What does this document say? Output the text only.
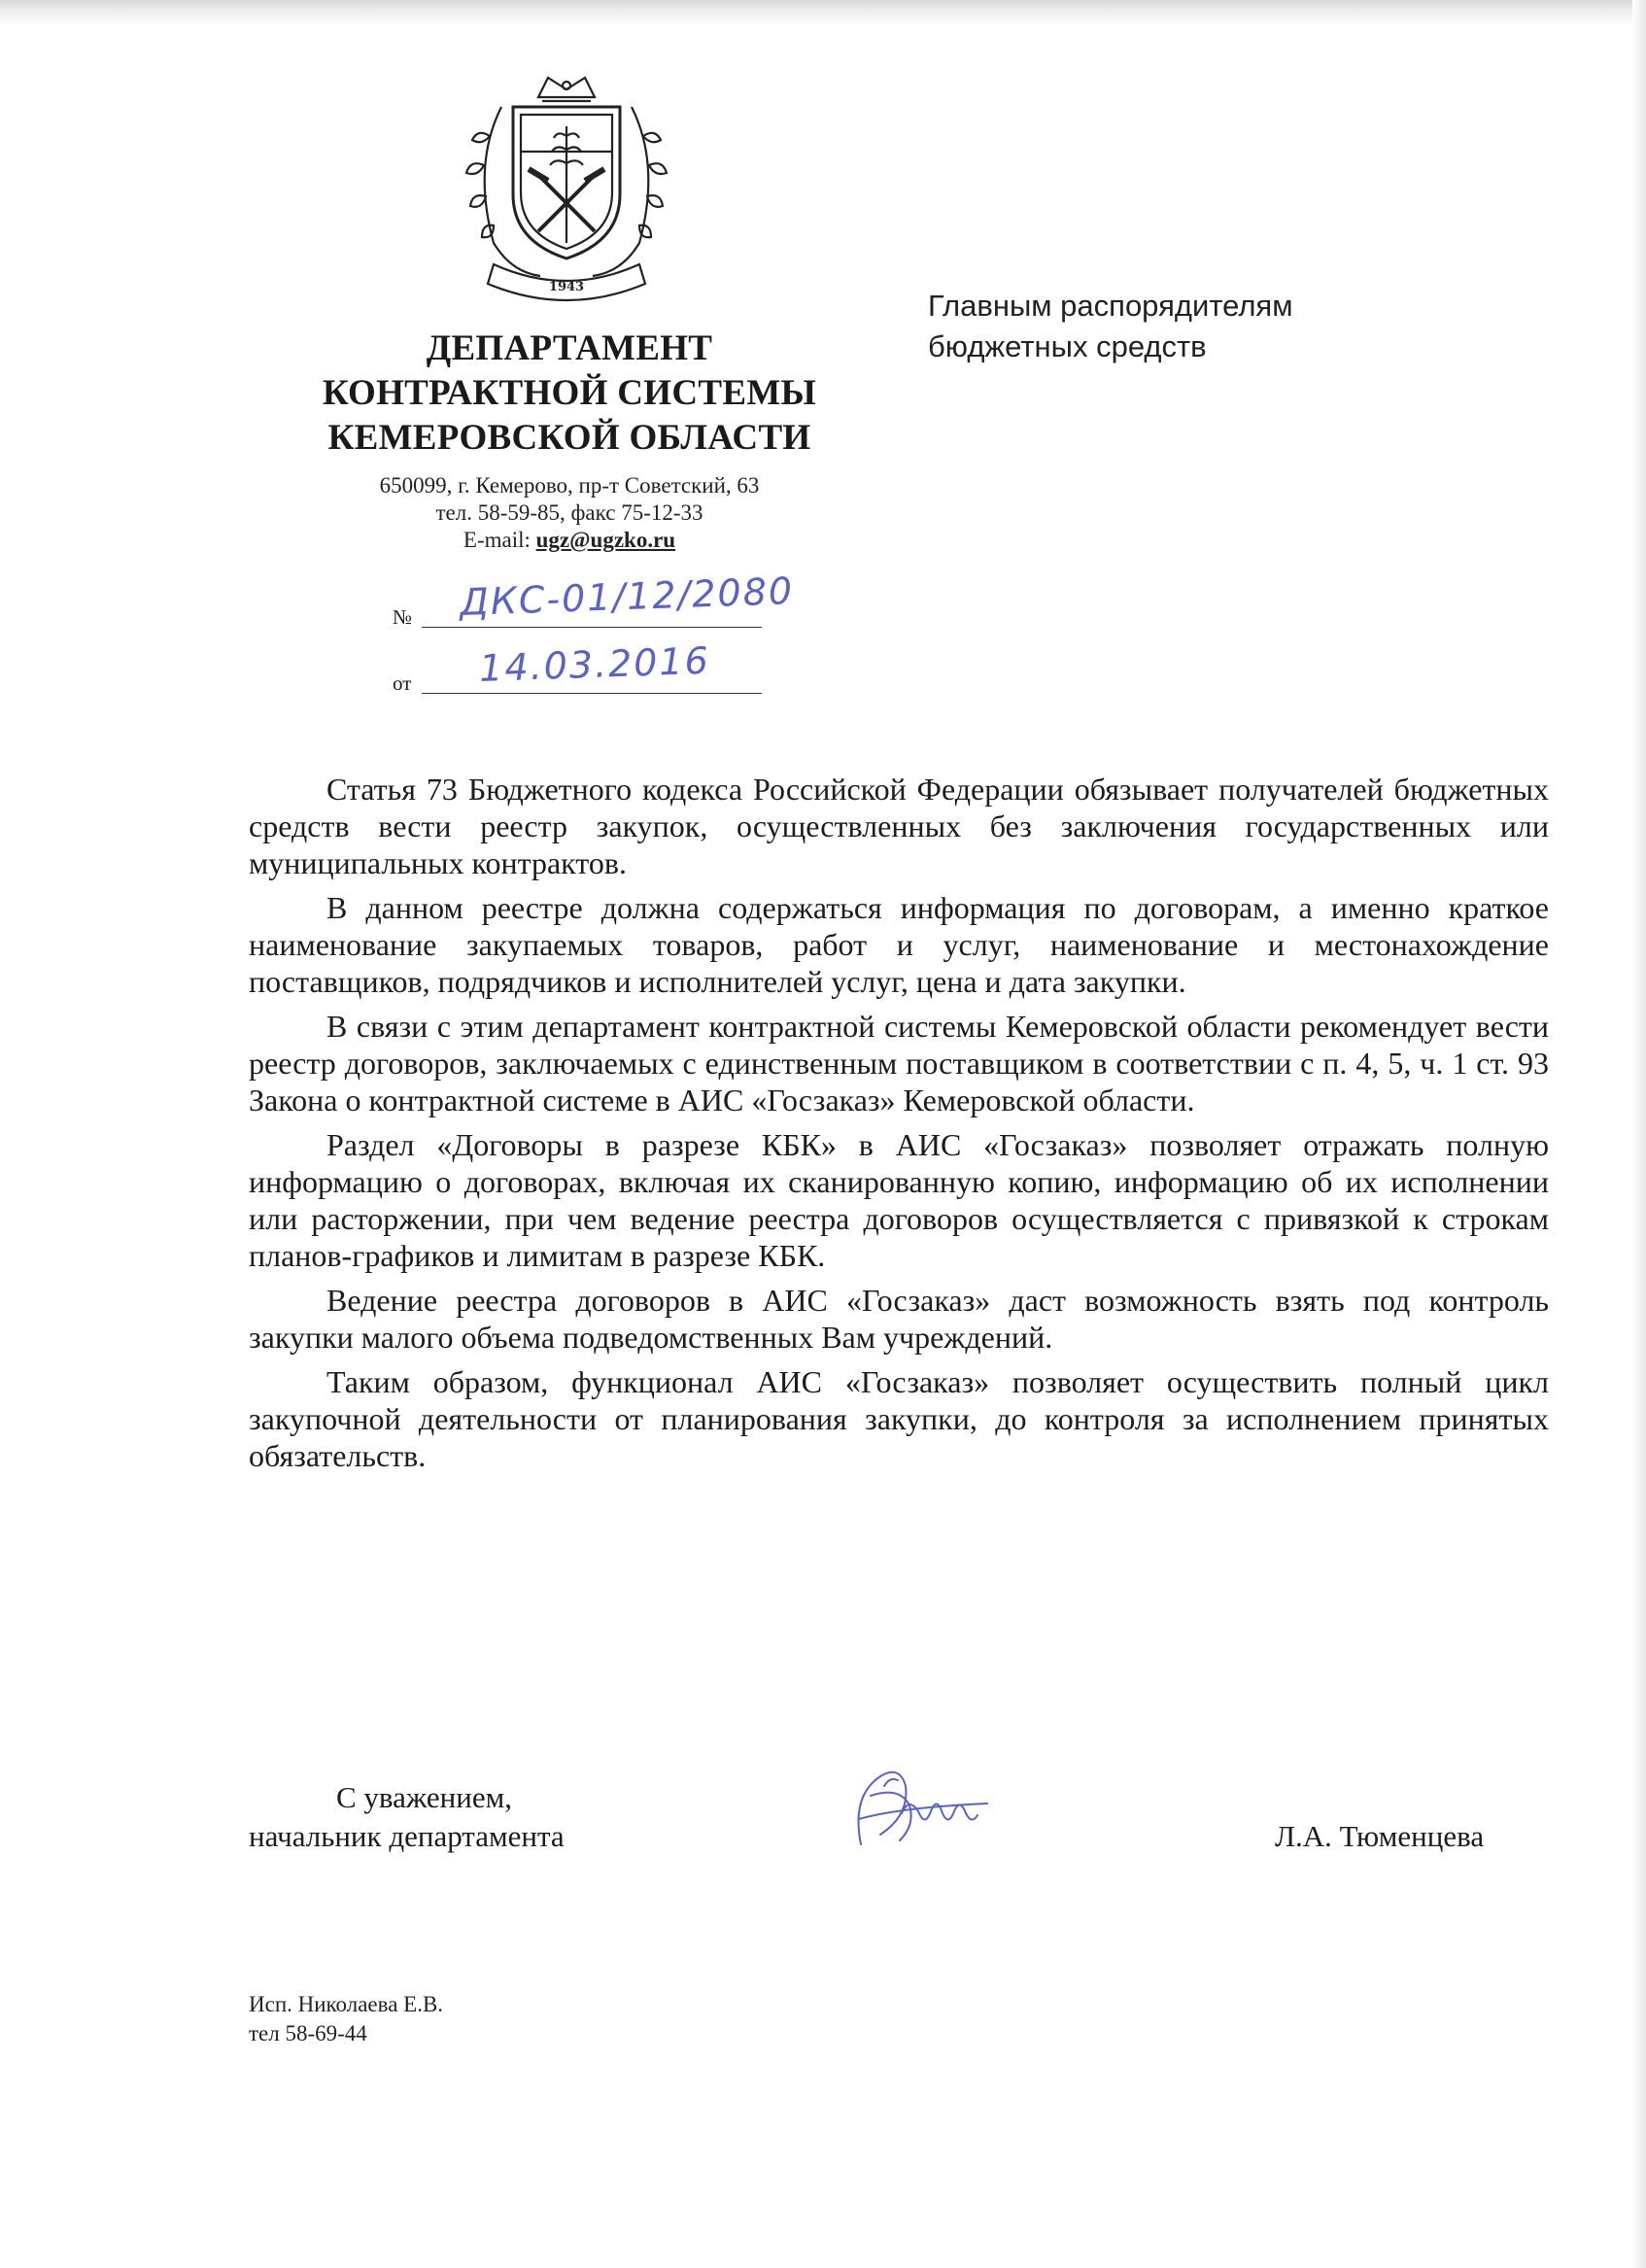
1943
ДЕПАРТАМЕНТ
КОНТРАКТНОЙ СИСТЕМЫ
КЕМЕРОВСКОЙ ОБЛАСТИ
650099, г. Кемерово, пр-т Советский, 63
тел. 58-59-85, факс 75-12-33
E-mail: ugz@ugzko.ru
№ ДКС-01/12/2080
от 14.03.2016
Главным распорядителям
бюджетных средств

Статья 73 Бюджетного кодекса Российской Федерации обязывает получателей бюджетных средств вести реестр закупок, осуществленных без заключения государственных или муниципальных контрактов.

В данном реестре должна содержаться информация по договорам, а именно краткое наименование закупаемых товаров, работ и услуг, наименование и местонахождение поставщиков, подрядчиков и исполнителей услуг, цена и дата закупки.

В связи с этим департамент контрактной системы Кемеровской области рекомендует вести реестр договоров, заключаемых с единственным поставщиком в соответствии с п. 4, 5, ч. 1 ст. 93 Закона о контрактной системе в АИС «Госзаказ» Кемеровской области.

Раздел «Договоры в разрезе КБК» в АИС «Госзаказ» позволяет отражать полную информацию о договорах, включая их сканированную копию, информацию об их исполнении или расторжении, при чем ведение реестра договоров осуществляется с привязкой к строкам планов-графиков и лимитам в разрезе КБК.

Ведение реестра договоров в АИС «Госзаказ» даст возможность взять под контроль закупки малого объема подведомственных Вам учреждений.

Таким образом, функционал АИС «Госзаказ» позволяет осуществить полный цикл закупочной деятельности от планирования закупки, до контроля за исполнением принятых обязательств.

С уважением,
начальник департамента	Л.А. Тюменцева
Исп. Николаева Е.В.
тел 58-69-44
